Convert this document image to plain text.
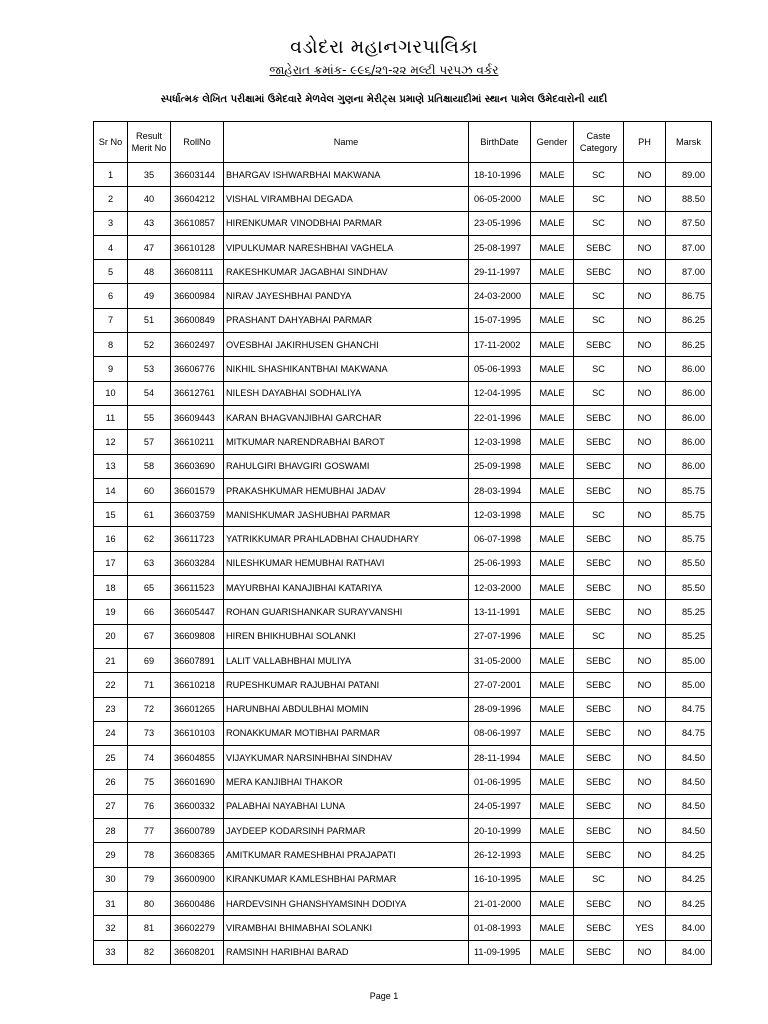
વડોદરા મહાનગરપાલિકા
જાહેરાત ક્રમાંક- ૯૯૬/૨૧-૨૨ મલ્ટી પરપઝ વર્કર
સ્પર્ધાત્મક લેખિત પરીક્ષામાં ઉમેદવારે મેળવેલ ગુણના મેરીટ્સ પ્રમાણે પ્રતિક્ષાયાદીમાં સ્થાન પામેલ ઉમેદવારોની યાદી
Sr No	Result Merit No	RollNo	Name	BirthDate	Gender	Caste Category	PH	Marsk
1	35	36603144	BHARGAV ISHWARBHAI MAKWANA	18-10-1996	MALE	SC	NO	89.00
2	40	36604212	VISHAL VIRAMBHAI DEGADA	06-05-2000	MALE	SC	NO	88.50
3	43	36610857	HIRENKUMAR VINODBHAI PARMAR	23-05-1996	MALE	SC	NO	87.50
4	47	36610128	VIPULKUMAR NARESHBHAI VAGHELA	25-08-1997	MALE	SEBC	NO	87.00
5	48	36608111	RAKESHKUMAR JAGABHAI SINDHAV	29-11-1997	MALE	SEBC	NO	87.00
6	49	36600984	NIRAV JAYESHBHAI PANDYA	24-03-2000	MALE	SC	NO	86.75
7	51	36600849	PRASHANT DAHYABHAI PARMAR	15-07-1995	MALE	SC	NO	86.25
8	52	36602497	OVESBHAI JAKIRHUSEN GHANCHI	17-11-2002	MALE	SEBC	NO	86.25
9	53	36606776	NIKHIL SHASHIKANTBHAI MAKWANA	05-06-1993	MALE	SC	NO	86.00
10	54	36612761	NILESH DAYABHAI SODHALIYA	12-04-1995	MALE	SC	NO	86.00
11	55	36609443	KARAN BHAGVANJIBHAI GARCHAR	22-01-1996	MALE	SEBC	NO	86.00
12	57	36610211	MITKUMAR NARENDRABHAI BAROT	12-03-1998	MALE	SEBC	NO	86.00
13	58	36603690	RAHULGIRI BHAVGIRI GOSWAMI	25-09-1998	MALE	SEBC	NO	86.00
14	60	36601579	PRAKASHKUMAR HEMUBHAI JADAV	28-03-1994	MALE	SEBC	NO	85.75
15	61	36603759	MANISHKUMAR JASHUBHAI PARMAR	12-03-1998	MALE	SC	NO	85.75
16	62	36611723	YATRIKKUMAR PRAHLADBHAI CHAUDHARY	06-07-1998	MALE	SEBC	NO	85.75
17	63	36603284	NILESHKUMAR HEMUBHAI RATHAVI	25-06-1993	MALE	SEBC	NO	85.50
18	65	36611523	MAYURBHAI KANAJIBHAI KATARIYA	12-03-2000	MALE	SEBC	NO	85.50
19	66	36605447	ROHAN GUARISHANKAR SURAYVANSHI	13-11-1991	MALE	SEBC	NO	85.25
20	67	36609808	HIREN BHIKHUBHAI SOLANKI	27-07-1996	MALE	SC	NO	85.25
21	69	36607891	LALIT VALLABHBHAI MULIYA	31-05-2000	MALE	SEBC	NO	85.00
22	71	36610218	RUPESHKUMAR RAJUBHAI PATANI	27-07-2001	MALE	SEBC	NO	85.00
23	72	36601265	HARUNBHAI ABDULBHAI MOMIN	28-09-1996	MALE	SEBC	NO	84.75
24	73	36610103	RONAKKUMAR MOTIBHAI PARMAR	08-06-1997	MALE	SEBC	NO	84.75
25	74	36604855	VIJAYKUMAR NARSINHBHAI SINDHAV	28-11-1994	MALE	SEBC	NO	84.50
26	75	36601690	MERA KANJIBHAI THAKOR	01-06-1995	MALE	SEBC	NO	84.50
27	76	36600332	PALABHAI NAYABHAI LUNA	24-05-1997	MALE	SEBC	NO	84.50
28	77	36600789	JAYDEEP KODARSINH PARMAR	20-10-1999	MALE	SEBC	NO	84.50
29	78	36608365	AMITKUMAR RAMESHBHAI PRAJAPATI	26-12-1993	MALE	SEBC	NO	84.25
30	79	36600900	KIRANKUMAR KAMLESHBHAI PARMAR	16-10-1995	MALE	SC	NO	84.25
31	80	36600486	HARDEVSINH GHANSHYAMSINH DODIYA	21-01-2000	MALE	SEBC	NO	84.25
32	81	36602279	VIRAMBHAI BHIMABHAI SOLANKI	01-08-1993	MALE	SEBC	YES	84.00
33	82	36608201	RAMSINH HARIBHAI BARAD	11-09-1995	MALE	SEBC	NO	84.00
Page 1
